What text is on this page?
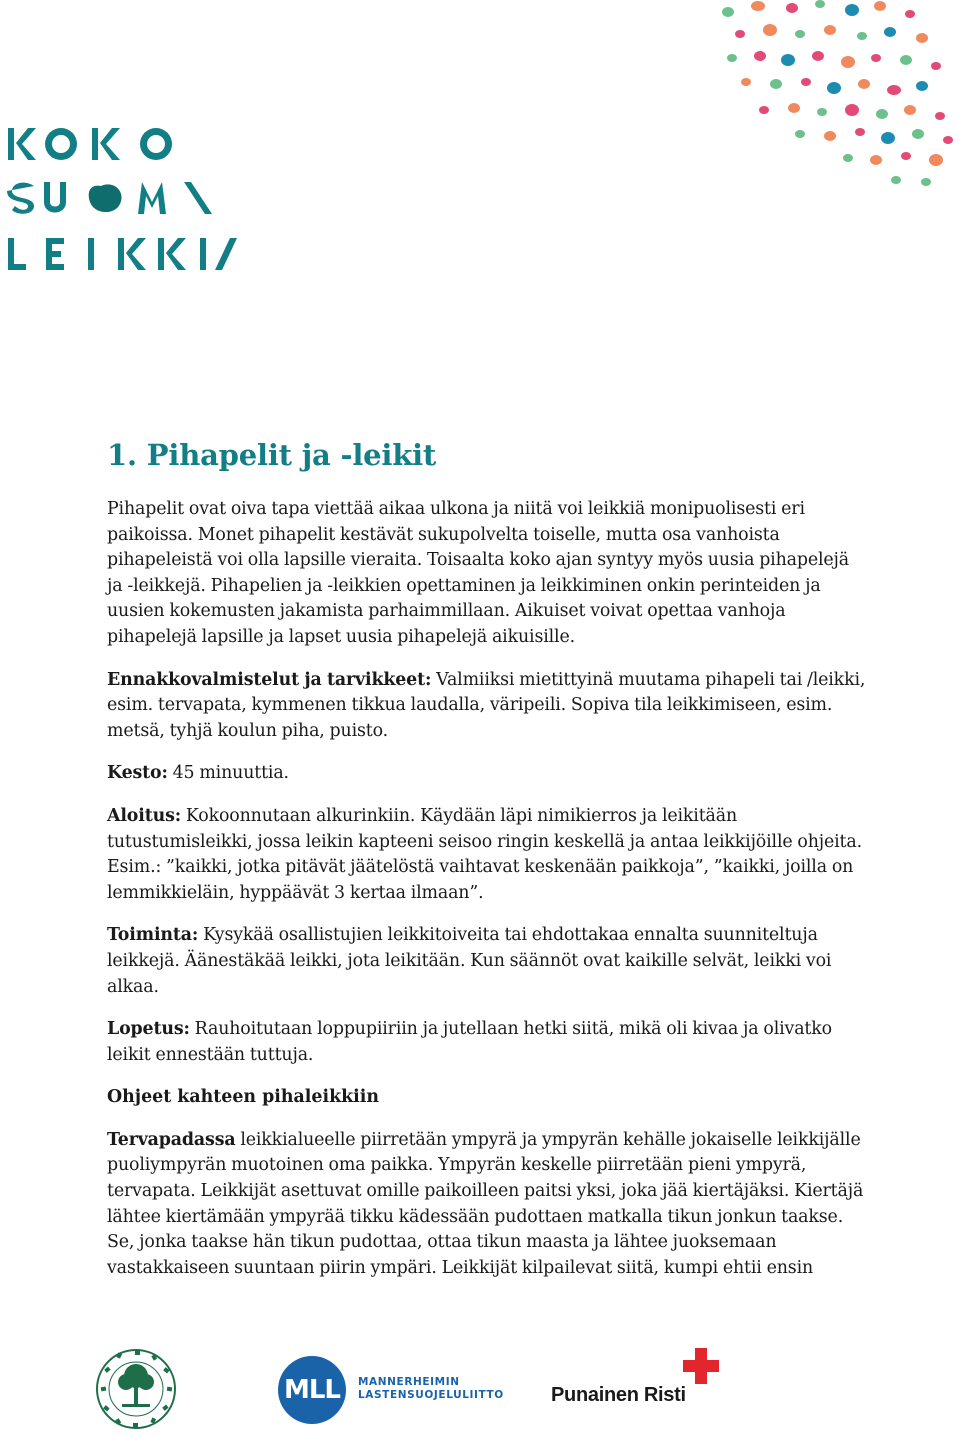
1. Pihapelit ja -leikit

Pihapelit ovat oiva tapa viettää aikaa ulkona ja niitä voi leikkiä monipuolisesti eri paikoissa. Monet pihapelit kestävät sukupolvelta toiselle, mutta osa vanhoista pihapeleistä voi olla lapsille vieraita. Toisaalta koko ajan syntyy myös uusia pihapelejä ja -leikkejä. Pihapelien ja -leikkien opettaminen ja leikkiminen onkin perinteiden ja uusien kokemusten jakamista parhaimmillaan. Aikuiset voivat opettaa vanhoja pihapelejä lapsille ja lapset uusia pihapelejä aikuisille.

Ennakkovalmistelut ja tarvikkeet: Valmiiksi mietittyinä muutama pihapeli tai /leikki, esim. tervapata, kymmenen tikkua laudalla, väripeili. Sopiva tila leikkimiseen, esim. metsä, tyhjä koulun piha, puisto.

Kesto: 45 minuuttia.

Aloitus: Kokoonnutaan alkurinkiin. Käydään läpi nimikierros ja leikitään tutustumisleikki, jossa leikin kapteeni seisoo ringin keskellä ja antaa leikkijöille ohjeita. Esim.: ”kaikki, jotka pitävät jäätelöstä vaihtavat keskenään paikkoja”, ”kaikki, joilla on lemmikkieläin, hyppäävät 3 kertaa ilmaan”.

Toiminta: Kysykää osallistujien leikkitoiveita tai ehdottakaa ennalta suunniteltuja leikkejä. Äänestäkää leikki, jota leikitään. Kun säännöt ovat kaikille selvät, leikki voi alkaa.

Lopetus: Rauhoitutaan loppupiiriin ja jutellaan hetki siitä, mikä oli kivaa ja olivatko leikit ennestään tuttuja.

Ohjeet kahteen pihaleikkiin

Tervapadassa leikkialueelle piirretään ympyrä ja ympyrän kehälle jokaiselle leikkijälle puoliympyrän muotoinen oma paikka. Ympyrän keskelle piirretään pieni ympyrä, tervapata. Leikkijät asettuvat omille paikoilleen paitsi yksi, joka jää kiertäjäksi. Kiertäjä lähtee kiertämään ympyrää tikku kädessään pudottaen matkalla tikun jonkun taakse. Se, jonka taakse hän tikun pudottaa, ottaa tikun maasta ja lähtee juoksemaan vastakkaiseen suuntaan piirin ympäri. Leikkijät kilpailevat siitä, kumpi ehtii ensin

MLL	MANNERHEIMIN
LASTENSUOJELULIITTO Punainen Risti
